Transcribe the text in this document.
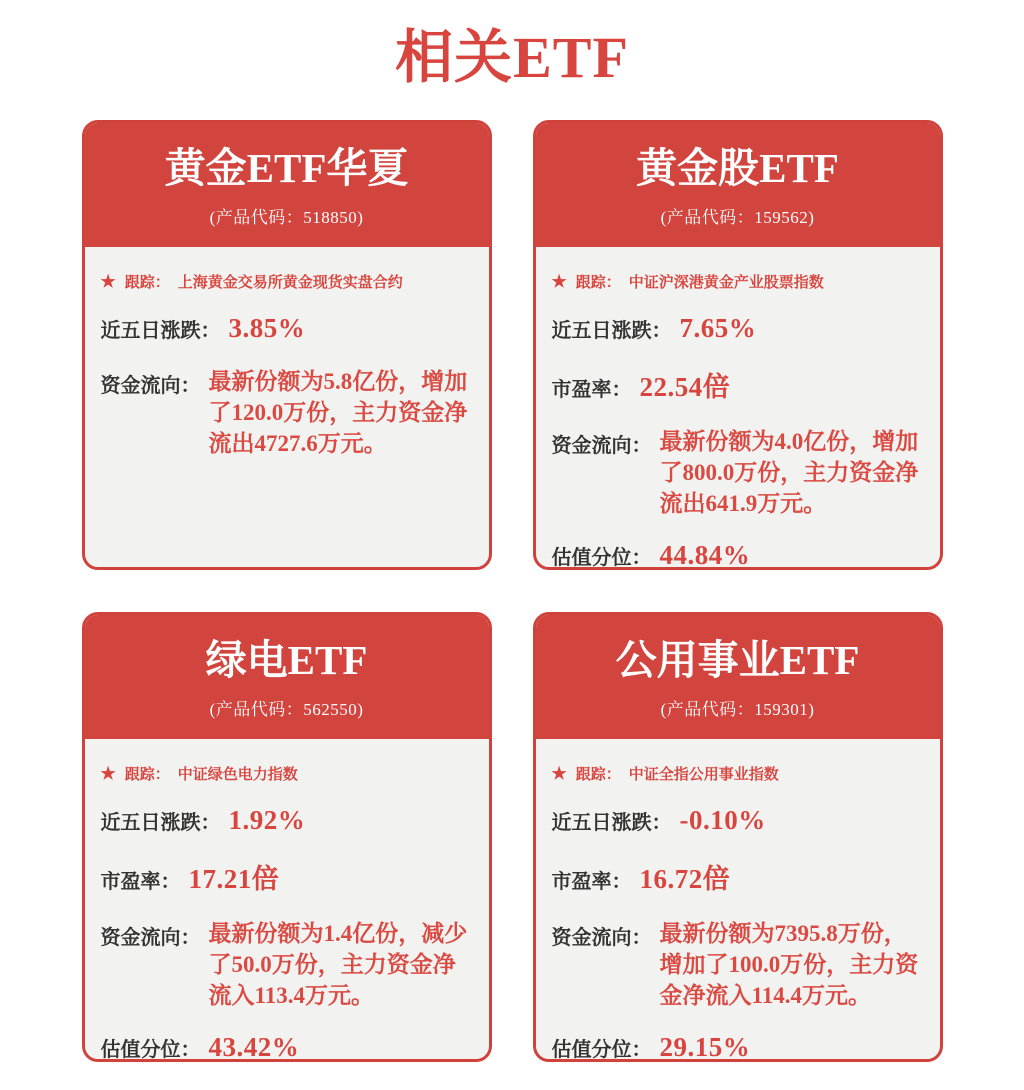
相关ETF
黄金ETF华夏
(产品代码：518850)
★ 跟踪： 上海黄金交易所黄金现货实盘合约
近五日涨跌： 3.85%
资金流向： 最新份额为5.8亿份，增加了120.0万份，主力资金净流出4727.6万元。
黄金股ETF
(产品代码：159562)
★ 跟踪： 中证沪深港黄金产业股票指数
近五日涨跌： 7.65%
市盈率： 22.54倍
资金流向： 最新份额为4.0亿份，增加了800.0万份，主力资金净流出641.9万元。
估值分位： 44.84%
绿电ETF
(产品代码：562550)
★ 跟踪： 中证绿色电力指数
近五日涨跌： 1.92%
市盈率： 17.21倍
资金流向： 最新份额为1.4亿份，减少了50.0万份，主力资金净流入113.4万元。
估值分位： 43.42%
公用事业ETF
(产品代码：159301)
★ 跟踪： 中证全指公用事业指数
近五日涨跌： -0.10%
市盈率： 16.72倍
资金流向： 最新份额为7395.8万份，增加了100.0万份，主力资金净流入114.4万元。
估值分位： 29.15%
